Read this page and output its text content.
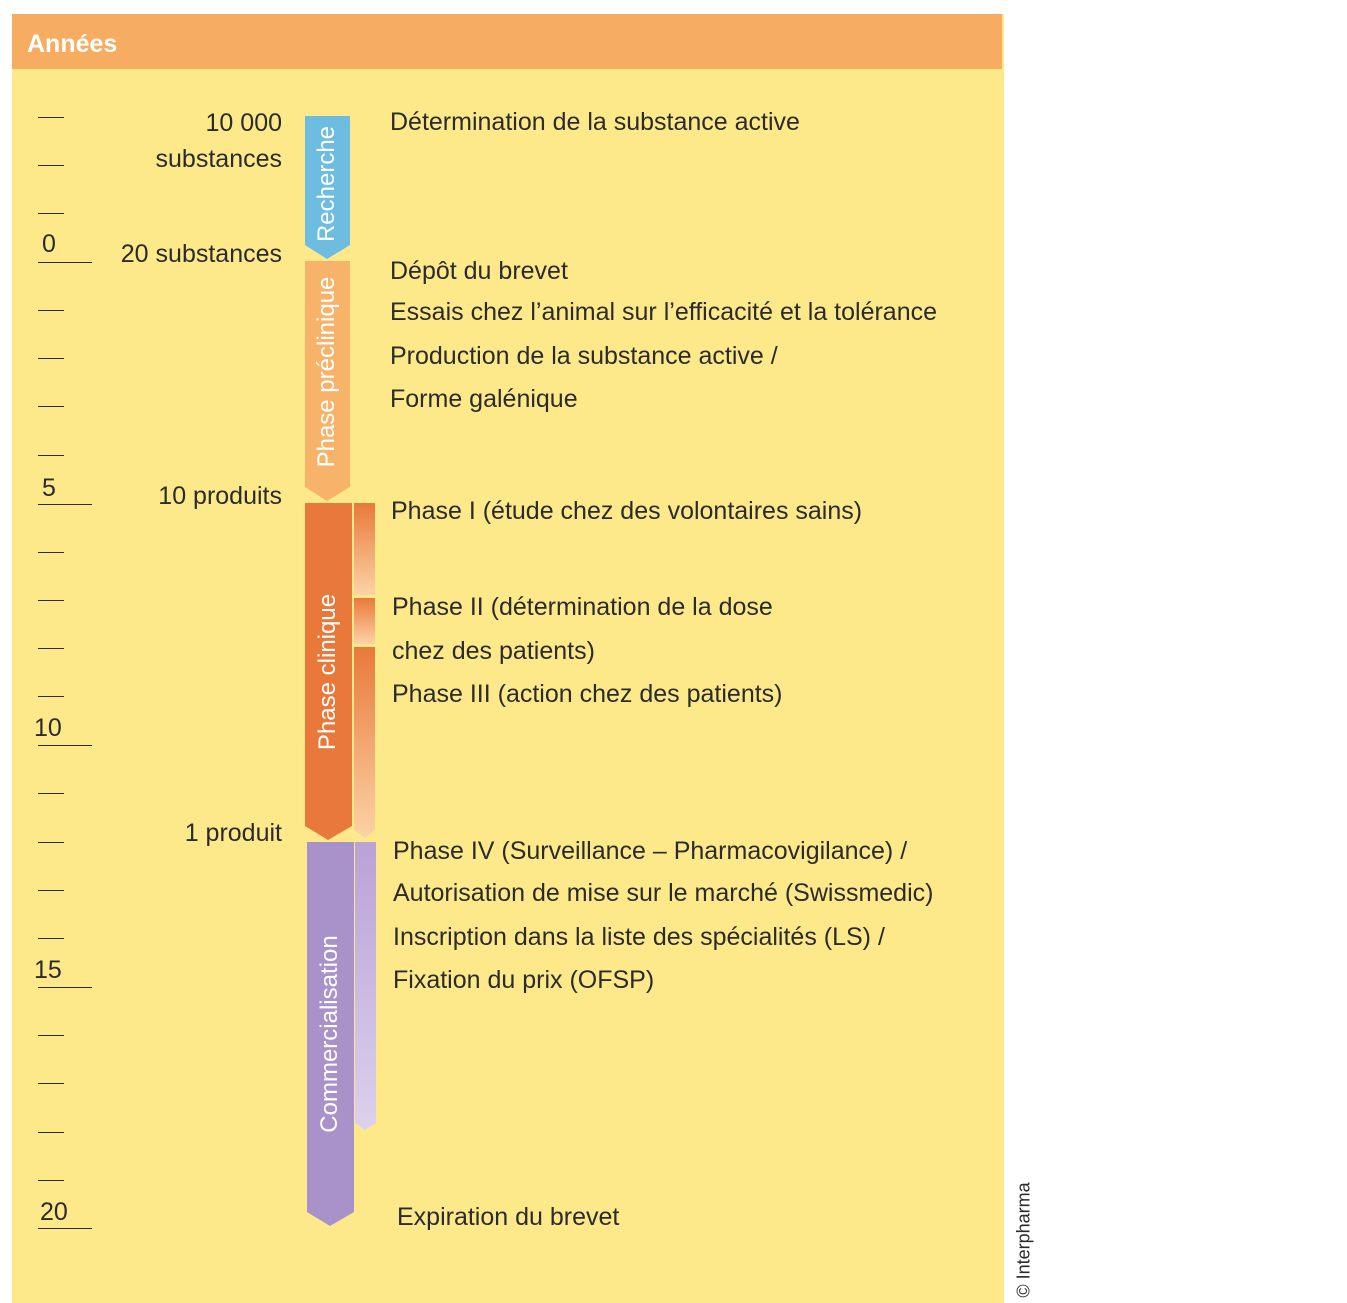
Années
0
5
10
15
20
10 000
substances
20 substances
10 produits
1 produit
Recherche
Phase préclinique
Phase clinique
Commercialisation
Détermination de la substance active
Dépôt du brevet
Essais chez l’animal sur l’efficacité et la tolérance
Production de la substance active /
Forme galénique
Phase I (étude chez des volontaires sains)
Phase II (détermination de la dose
chez des patients)
Phase III (action chez des patients)
Phase IV (Surveillance – Pharmacovigilance) /
Autorisation de mise sur le marché (Swissmedic)
Inscription dans la liste des spécialités (LS) /
Fixation du prix (OFSP)
Expiration du brevet	© Interpharma
